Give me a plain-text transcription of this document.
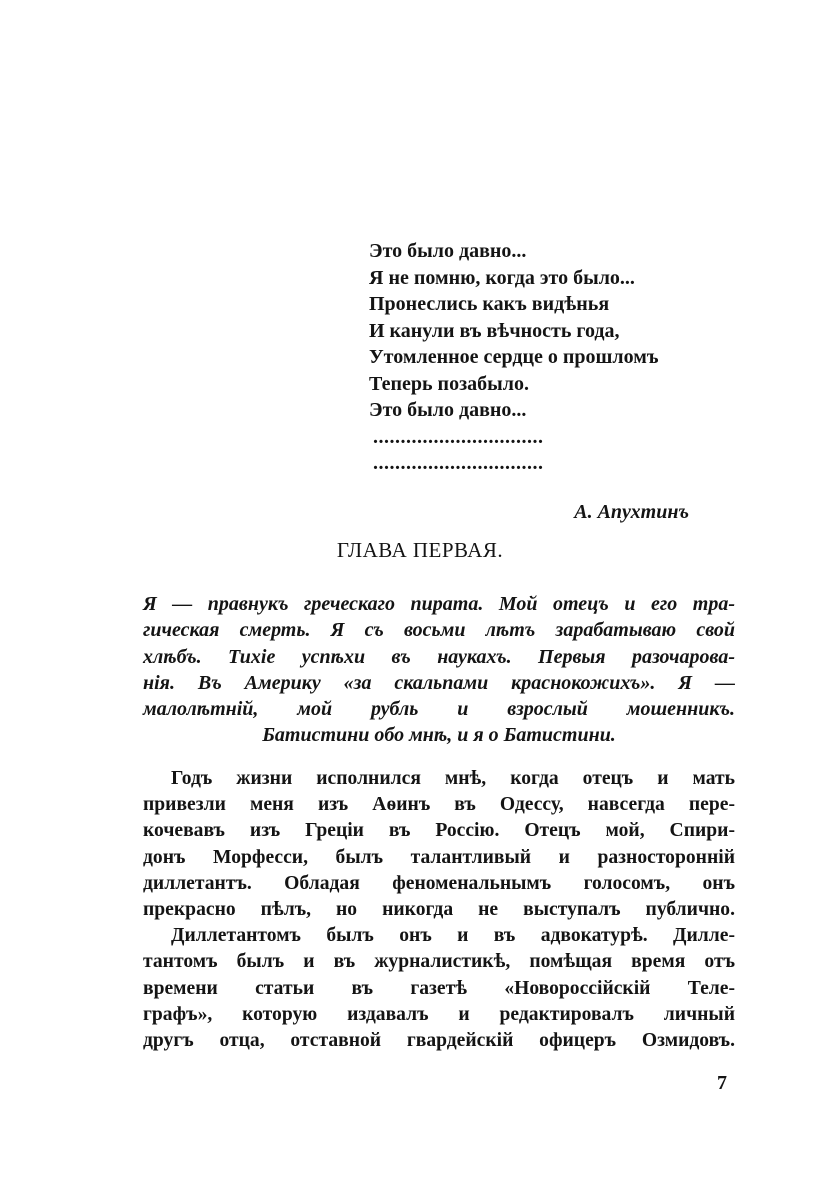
Это было давно...
Я не помню, когда это было...
Пронеслись какъ видѣнья
И канули въ вѣчность года,
Утомленное сердце о прошломъ
Теперь позабыло.
Это было давно...
...............................
...............................
А. Апухтинъ
ГЛАВА ПЕРВАЯ.
Я — правнукъ греческаго пирата. Мой отецъ и его тра-
гическая смерть. Я съ восьми лѣтъ зарабатываю свой
хлѣбъ. Тихіе успѣхи въ наукахъ. Первыя разочарова-
нія. Въ Америку «за скальпами краснокожихъ». Я —
малолѣтній, мой рубль и взрослый мошенникъ.
Батистини обо мнѣ, и я о Батистини.
Годъ жизни исполнился мнѣ, когда отецъ и мать
привезли меня изъ Аѳинъ въ Одессу, навсегда пере-
кочевавъ изъ Греціи въ Россію. Отецъ мой, Спири-
донъ Морфесси, былъ талантливый и разносторонній
диллетантъ. Обладая феноменальнымъ голосомъ, онъ
прекрасно пѣлъ, но никогда не выступалъ публично.
Диллетантомъ былъ онъ и въ адвокатурѣ. Дилле-
тантомъ былъ и въ журналистикѣ, помѣщая время отъ
времени статьи въ газетѣ «Новороссійскій Теле-
графъ», которую издавалъ и редактировалъ личный
другъ отца, отставной гвардейскій офицеръ Озмидовъ.
7
